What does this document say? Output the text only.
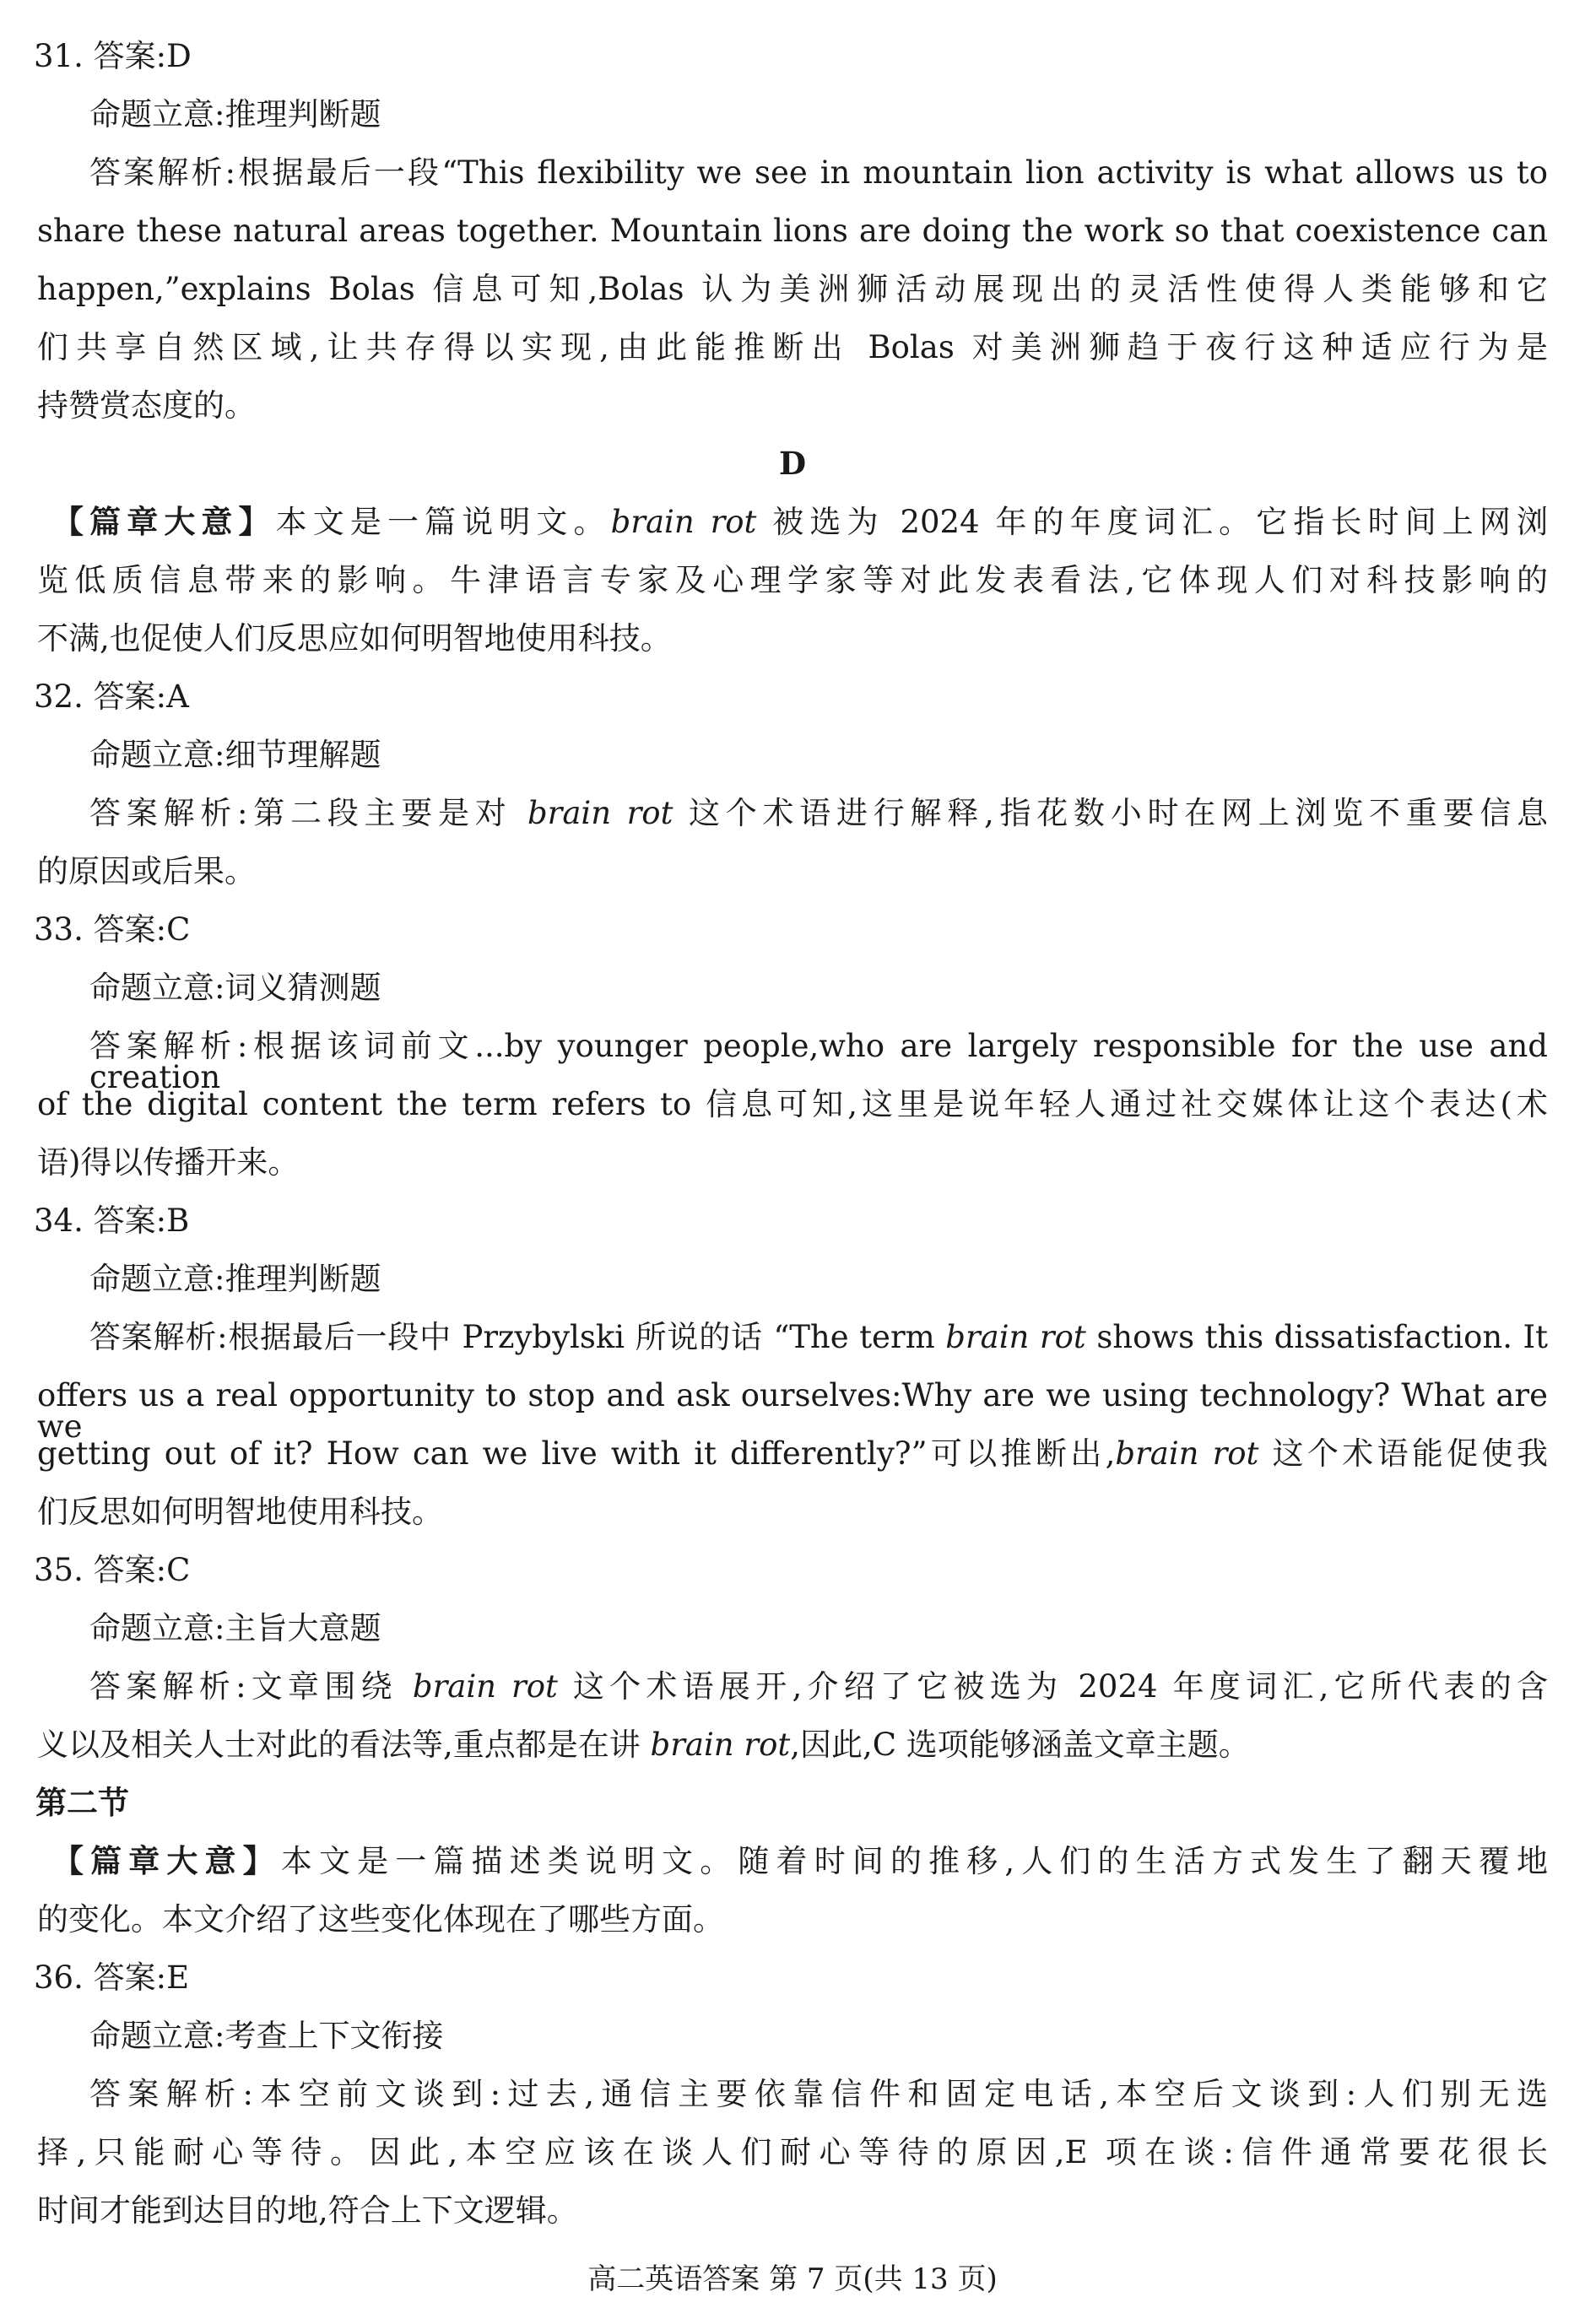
31. 答案:D
命题立意:推理判断题
答案解析:根据最后一段“This flexibility we see in mountain lion activity is what allows us to
share these natural areas together. Mountain lions are doing the work so that coexistence can
happen,”explains Bolas 信息可知,Bolas 认为美洲狮活动展现出的灵活性使得人类能够和它
们共享自然区域,让共存得以实现,由此能推断出 Bolas 对美洲狮趋于夜行这种适应行为是
持赞赏态度的。
D
【篇章大意】本文是一篇说明文。brain rot 被选为 2024 年的年度词汇。它指长时间上网浏
览低质信息带来的影响。牛津语言专家及心理学家等对此发表看法,它体现人们对科技影响的
不满,也促使人们反思应如何明智地使用科技。
32. 答案:A
命题立意:细节理解题
答案解析:第二段主要是对 brain rot 这个术语进行解释,指花数小时在网上浏览不重要信息
的原因或后果。
33. 答案:C
命题立意:词义猜测题
答案解析:根据该词前文...by younger people,who are largely responsible for the use and creation
of the digital content the term refers to 信息可知,这里是说年轻人通过社交媒体让这个表达(术
语)得以传播开来。
34. 答案:B
命题立意:推理判断题
答案解析:根据最后一段中 Przybylski 所说的话 “The term brain rot shows this dissatisfaction. It
offers us a real opportunity to stop and ask ourselves:Why are we using technology? What are we
getting out of it? How can we live with it differently?”可以推断出,brain rot 这个术语能促使我
们反思如何明智地使用科技。
35. 答案:C
命题立意:主旨大意题
答案解析:文章围绕 brain rot 这个术语展开,介绍了它被选为 2024 年度词汇,它所代表的含
义以及相关人士对此的看法等,重点都是在讲 brain rot,因此,C 选项能够涵盖文章主题。
第二节
【篇章大意】本文是一篇描述类说明文。随着时间的推移,人们的生活方式发生了翻天覆地
的变化。本文介绍了这些变化体现在了哪些方面。
36. 答案:E
命题立意:考查上下文衔接
答案解析:本空前文谈到:过去,通信主要依靠信件和固定电话,本空后文谈到:人们别无选
择,只能耐心等待。因此,本空应该在谈人们耐心等待的原因,E 项在谈:信件通常要花很长
时间才能到达目的地,符合上下文逻辑。
高二英语答案 第 7 页(共 13 页)
